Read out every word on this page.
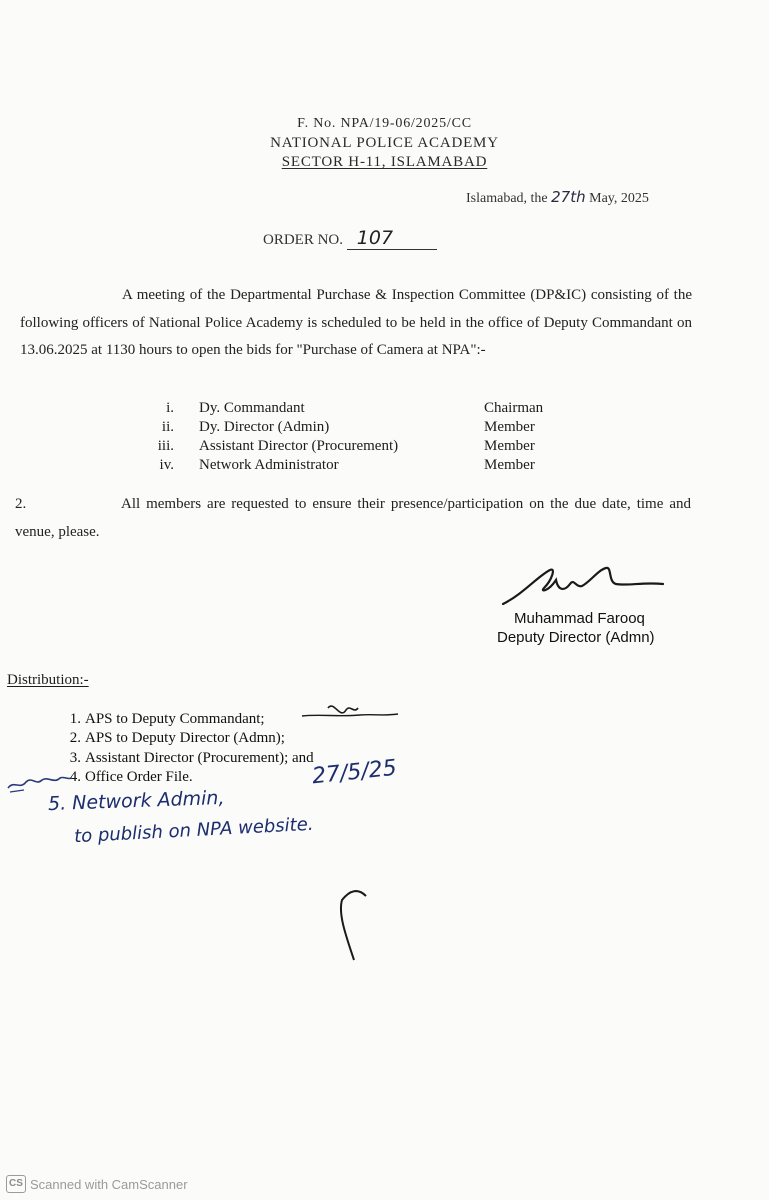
F. No. NPA/19-06/2025/CC
NATIONAL POLICE ACADEMY
SECTOR H-11, ISLAMABAD
Islamabad, the 27th May, 2025
ORDER NO. 107
A meeting of the Departmental Purchase & Inspection Committee (DP&IC) consisting of the following officers of National Police Academy is scheduled to be held in the office of Deputy Commandant on 13.06.2025 at 1130 hours to open the bids for "Purchase of Camera at NPA":-
i. Dy. Commandant	Chairman
ii. Dy. Director (Admin)	Member
iii. Assistant Director (Procurement)	Member
iv. Network Administrator	Member
2.	All members are requested to ensure their presence/participation on the due date, time and venue, please.
Muhammad Farooq
Deputy Director (Admn)
Distribution:-
1. APS to Deputy Commandant;
2. APS to Deputy Director (Admn);
3. Assistant Director (Procurement); and
4. Office Order File.
5. Network Admin,
27/5/25
to publish on NPA website.
CS Scanned with CamScanner
